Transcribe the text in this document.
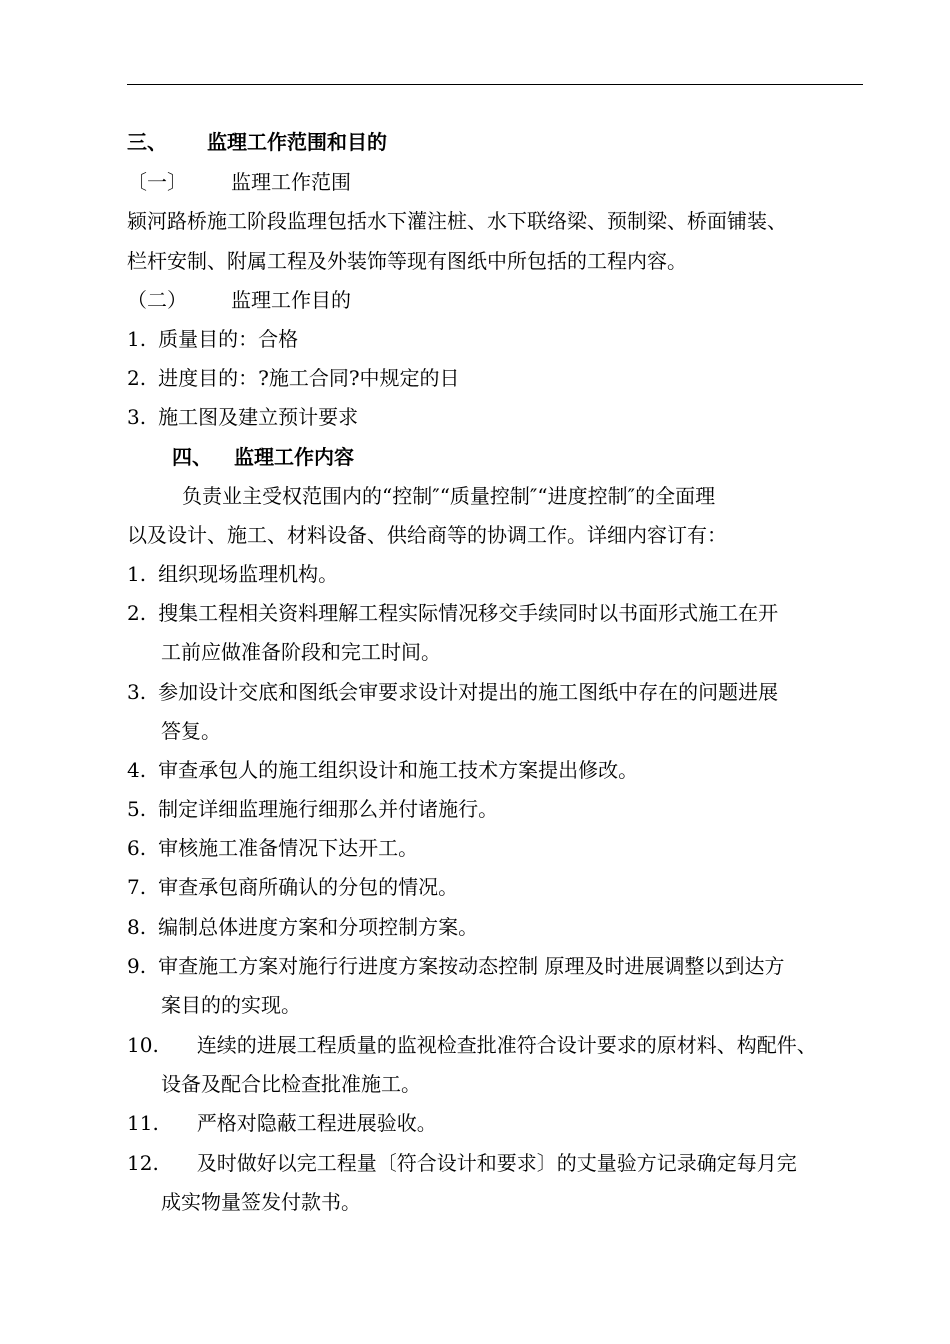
三、 监理工作范围和目的
〔一〕 监理工作范围
颍河路桥施工阶段监理包括水下灌注桩、水下联络梁、预制梁、桥面铺装、
栏杆安制、附属工程及外装饰等现有图纸中所包括的工程内容。
（二） 监理工作目的
1. 质量目的：合格
2. 进度目的：?施工合同?中规定的日
3. 施工图及建立预计要求
四、 监理工作内容
负责业主受权范围内的“控制″“质量控制″“进度控制″的全面理
以及设计、施工、材料设备、供给商等的协调工作。详细内容订有：
1. 组织现场监理机构。
2. 搜集工程相关资料理解工程实际情况移交手续同时以书面形式施工在开
工前应做准备阶段和完工时间。
3. 参加设计交底和图纸会审要求设计对提出的施工图纸中存在的问题进展
答复。
4. 审查承包人的施工组织设计和施工技术方案提出修改。
5. 制定详细监理施行细那么并付诸施行。
6. 审核施工准备情况下达开工。
7. 审查承包商所确认的分包的情况。
8. 编制总体进度方案和分项控制方案。
9. 审查施工方案对施行行进度方案按动态控制 原理及时进展调整以到达方
案目的的实现。
10. 连续的进展工程质量的监视检查批准符合设计要求的原材料、构配件、
设备及配合比检查批准施工。
11. 严格对隐蔽工程进展验收。
12. 及时做好以完工程量〔符合设计和要求〕的丈量验方记录确定每月完
成实物量签发付款书。
